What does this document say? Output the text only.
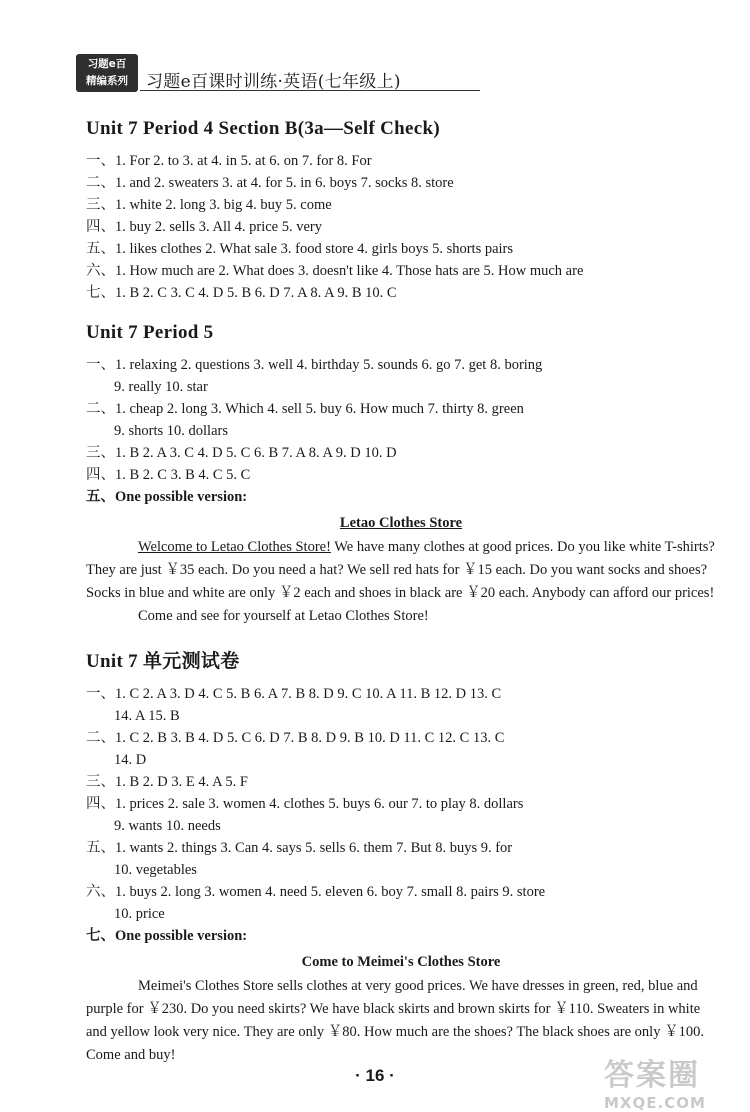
习题e百
精编系列	习题e百课时训练·英语(七年级上)
Unit 7 Period 4 Section B(3a—Self Check)
一、1. For 2. to 3. at 4. in 5. at 6. on 7. for 8. For
二、1. and 2. sweaters 3. at 4. for 5. in 6. boys 7. socks 8. store
三、1. white 2. long 3. big 4. buy 5. come
四、1. buy 2. sells 3. All 4. price 5. very
五、1. likes clothes 2. What sale 3. food store 4. girls boys 5. shorts pairs
六、1. How much are 2. What does 3. doesn't like 4. Those hats are 5. How much are
七、1. B 2. C 3. C 4. D 5. B 6. D 7. A 8. A 9. B 10. C
Unit 7 Period 5
一、1. relaxing 2. questions 3. well 4. birthday 5. sounds 6. go 7. get 8. boring
9. really 10. star
二、1. cheap 2. long 3. Which 4. sell 5. buy 6. How much 7. thirty 8. green
9. shorts 10. dollars
三、1. B 2. A 3. C 4. D 5. C 6. B 7. A 8. A 9. D 10. D
四、1. B 2. C 3. B 4. C 5. C
五、One possible version:
Letao Clothes Store

Welcome to Letao Clothes Store! We have many clothes at good prices. Do you like white T-shirts? They are just ￥35 each. Do you need a hat? We sell red hats for ￥15 each. Do you want socks and shoes? Socks in blue and white are only ￥2 each and shoes in black are ￥20 each. Anybody can afford our prices!

Come and see for yourself at Letao Clothes Store!

Unit 7 单元测试卷
一、1. C 2. A 3. D 4. C 5. B 6. A 7. B 8. D 9. C 10. A 11. B 12. D 13. C
14. A 15. B
二、1. C 2. B 3. B 4. D 5. C 6. D 7. B 8. D 9. B 10. D 11. C 12. C 13. C
14. D
三、1. B 2. D 3. E 4. A 5. F
四、1. prices 2. sale 3. women 4. clothes 5. buys 6. our 7. to play 8. dollars
9. wants 10. needs
五、1. wants 2. things 3. Can 4. says 5. sells 6. them 7. But 8. buys 9. for
10. vegetables
六、1. buys 2. long 3. women 4. need 5. eleven 6. boy 7. small 8. pairs 9. store
10. price
七、One possible version:
Come to Meimei's Clothes Store

Meimei's Clothes Store sells clothes at very good prices. We have dresses in green, red, blue and purple for ￥230. Do you need skirts? We have black skirts and brown skirts for ￥110. Sweaters in white and yellow look very nice. They are only ￥80. How much are the shoes? The black shoes are only ￥100. Come and buy!

· 16 ·	答案圈
MXQE.COM
